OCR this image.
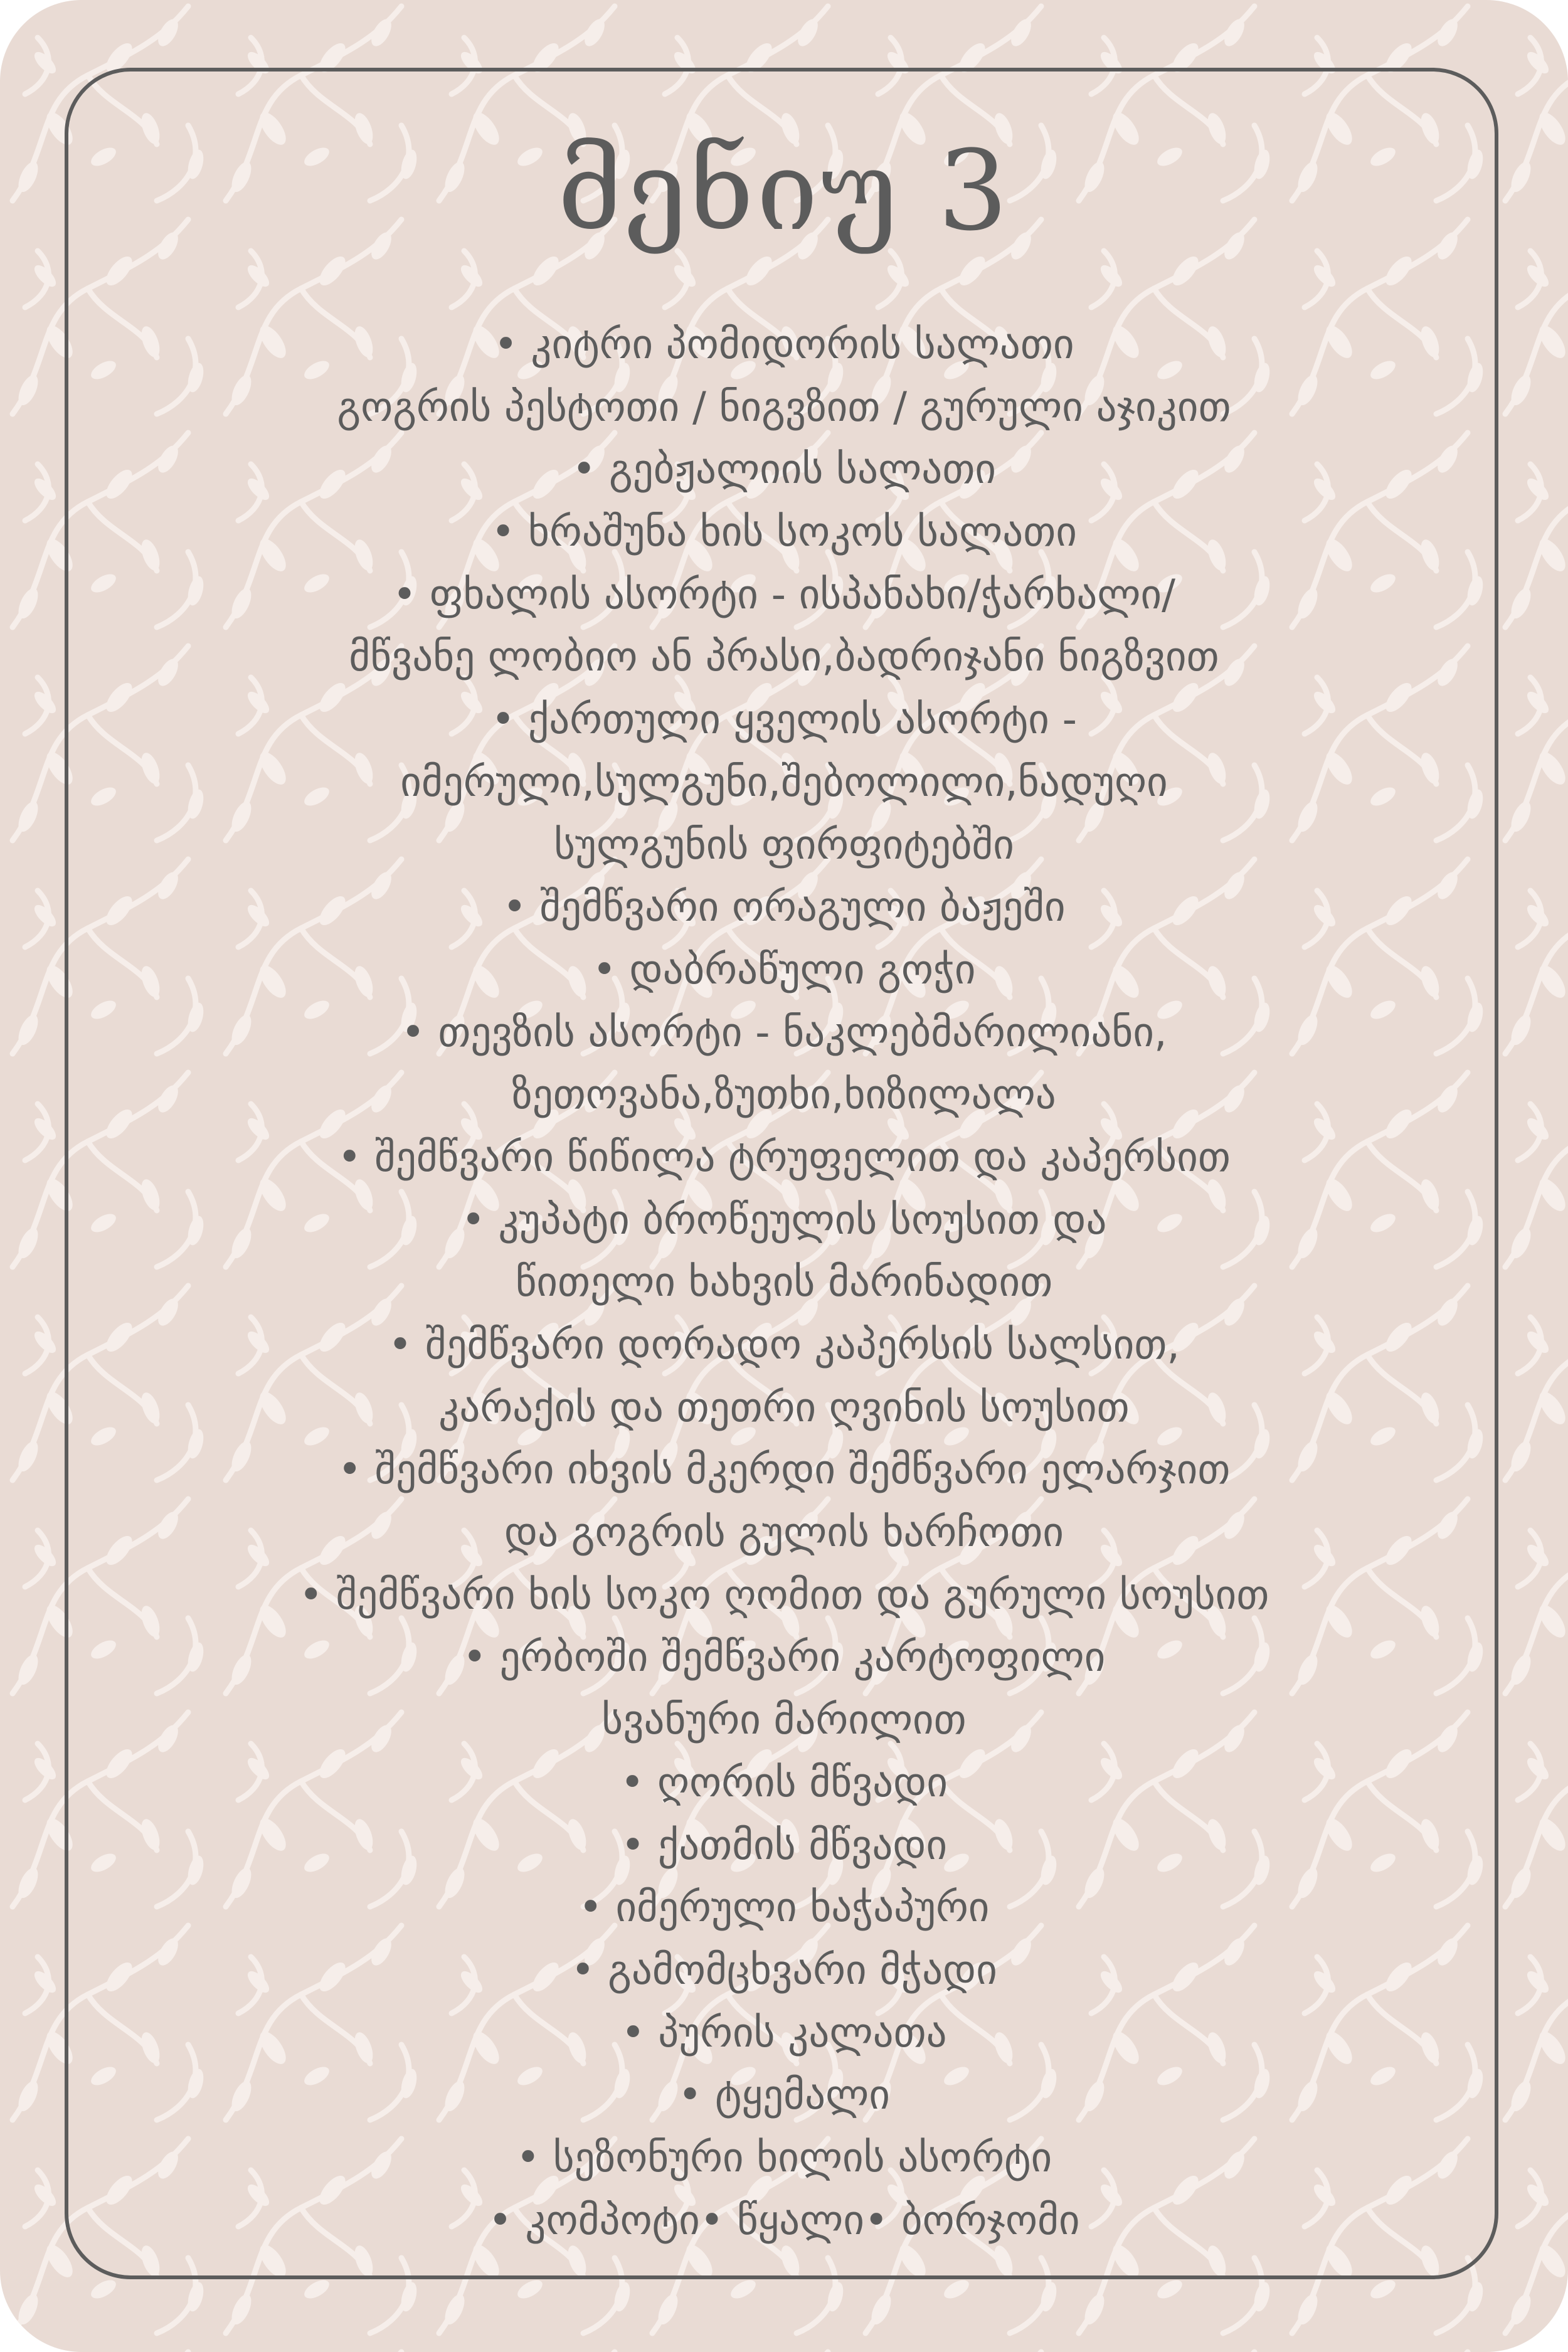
მენიუ 3
• კიტრი პომიდორის სალათი
გოგრის პესტოთი / ნიგვზით / გურული აჯიკით
• გებჟალიის სალათი
• ხრაშუნა ხის სოკოს სალათი
• ფხალის ასორტი - ისპანახი/ჭარხალი/
მწვანე ლობიო ან პრასი,ბადრიჯანი ნიგზვით
• ქართული ყველის ასორტი -
იმერული,სულგუნი,შებოლილი,ნადუღი
სულგუნის ფირფიტებში
• შემწვარი ორაგული ბაჟეში
• დაბრაწული გოჭი
• თევზის ასორტი - ნაკლებმარილიანი,
ზეთოვანა,ზუთხი,ხიზილალა
• შემწვარი წიწილა ტრუფელით და კაპერსით
• კუპატი ბროწეულის სოუსით და
წითელი ხახვის მარინადით
• შემწვარი დორადო კაპერსის სალსით,
კარაქის და თეთრი ღვინის სოუსით
• შემწვარი იხვის მკერდი შემწვარი ელარჯით
და გოგრის გულის ხარჩოთი
• შემწვარი ხის სოკო ღომით და გურული სოუსით
• ერბოში შემწვარი კარტოფილი
სვანური მარილით
• ღორის მწვადი
• ქათმის მწვადი
• იმერული ხაჭაპური
• გამომცხვარი მჭადი
• პურის კალათა
• ტყემალი
• სეზონური ხილის ასორტი
• კომპოტი• წყალი• ბორჯომი
